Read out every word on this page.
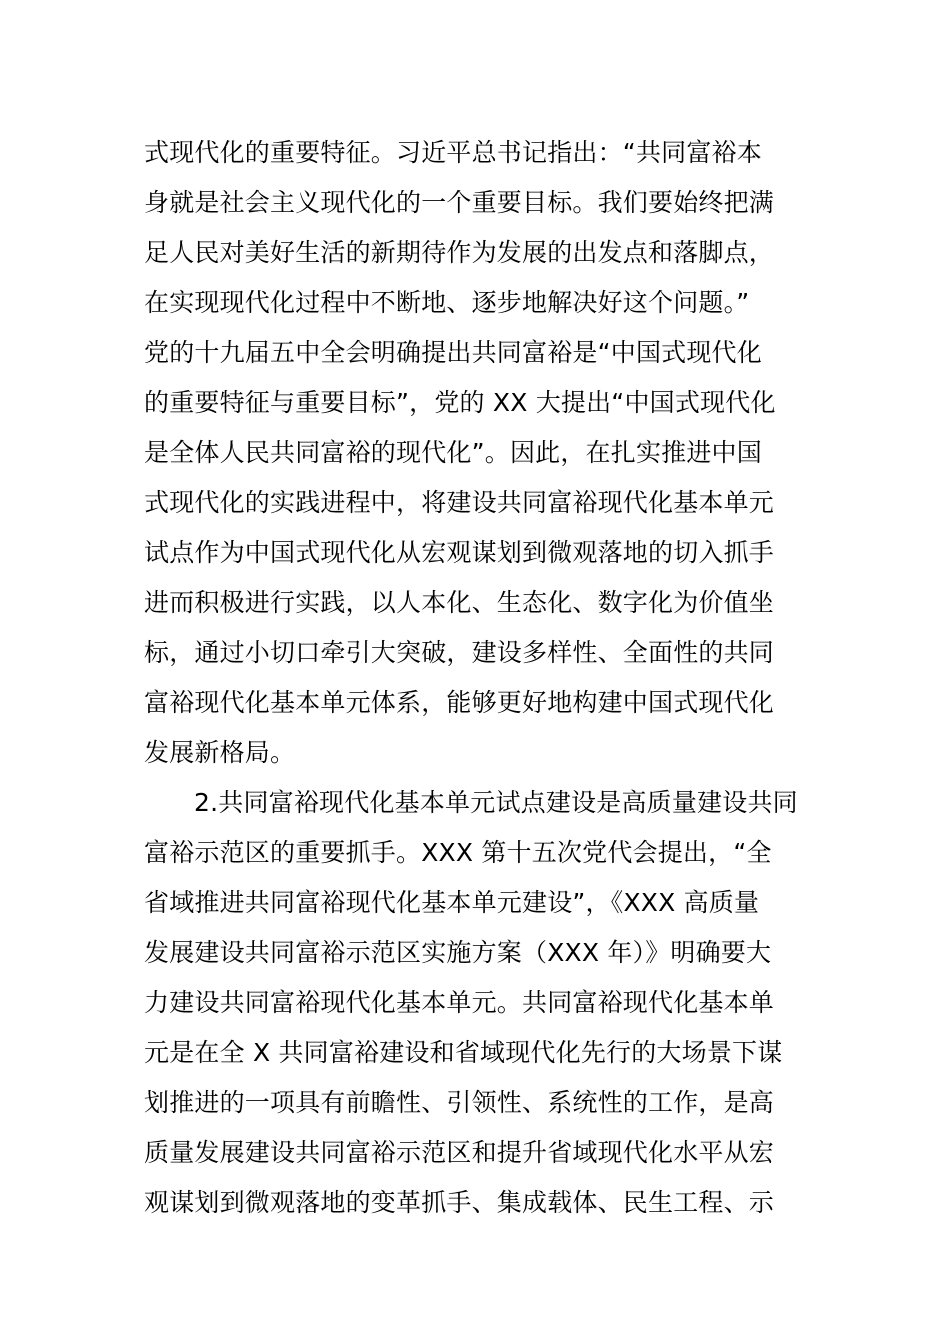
式现代化的重要特征。习近平总书记指出：“共同富裕本
身就是社会主义现代化的一个重要目标。我们要始终把满
足人民对美好生活的新期待作为发展的出发点和落脚点，
在实现现代化过程中不断地、逐步地解决好这个问题。”
党的十九届五中全会明确提出共同富裕是“中国式现代化
的重要特征与重要目标”，党的 XX 大提出“中国式现代化
是全体人民共同富裕的现代化”。因此，在扎实推进中国
式现代化的实践进程中，将建设共同富裕现代化基本单元
试点作为中国式现代化从宏观谋划到微观落地的切入抓手
进而积极进行实践，以人本化、生态化、数字化为价值坐
标，通过小切口牵引大突破，建设多样性、全面性的共同
富裕现代化基本单元体系，能够更好地构建中国式现代化
发展新格局。
2.共同富裕现代化基本单元试点建设是高质量建设共同
富裕示范区的重要抓手。XXX 第十五次党代会提出，“全
省域推进共同富裕现代化基本单元建设”，《XXX 高质量
发展建设共同富裕示范区实施方案（XXX 年）》明确要大
力建设共同富裕现代化基本单元。共同富裕现代化基本单
元是在全 X 共同富裕建设和省域现代化先行的大场景下谋
划推进的一项具有前瞻性、引领性、系统性的工作，是高
质量发展建设共同富裕示范区和提升省域现代化水平从宏
观谋划到微观落地的变革抓手、集成载体、民生工程、示
